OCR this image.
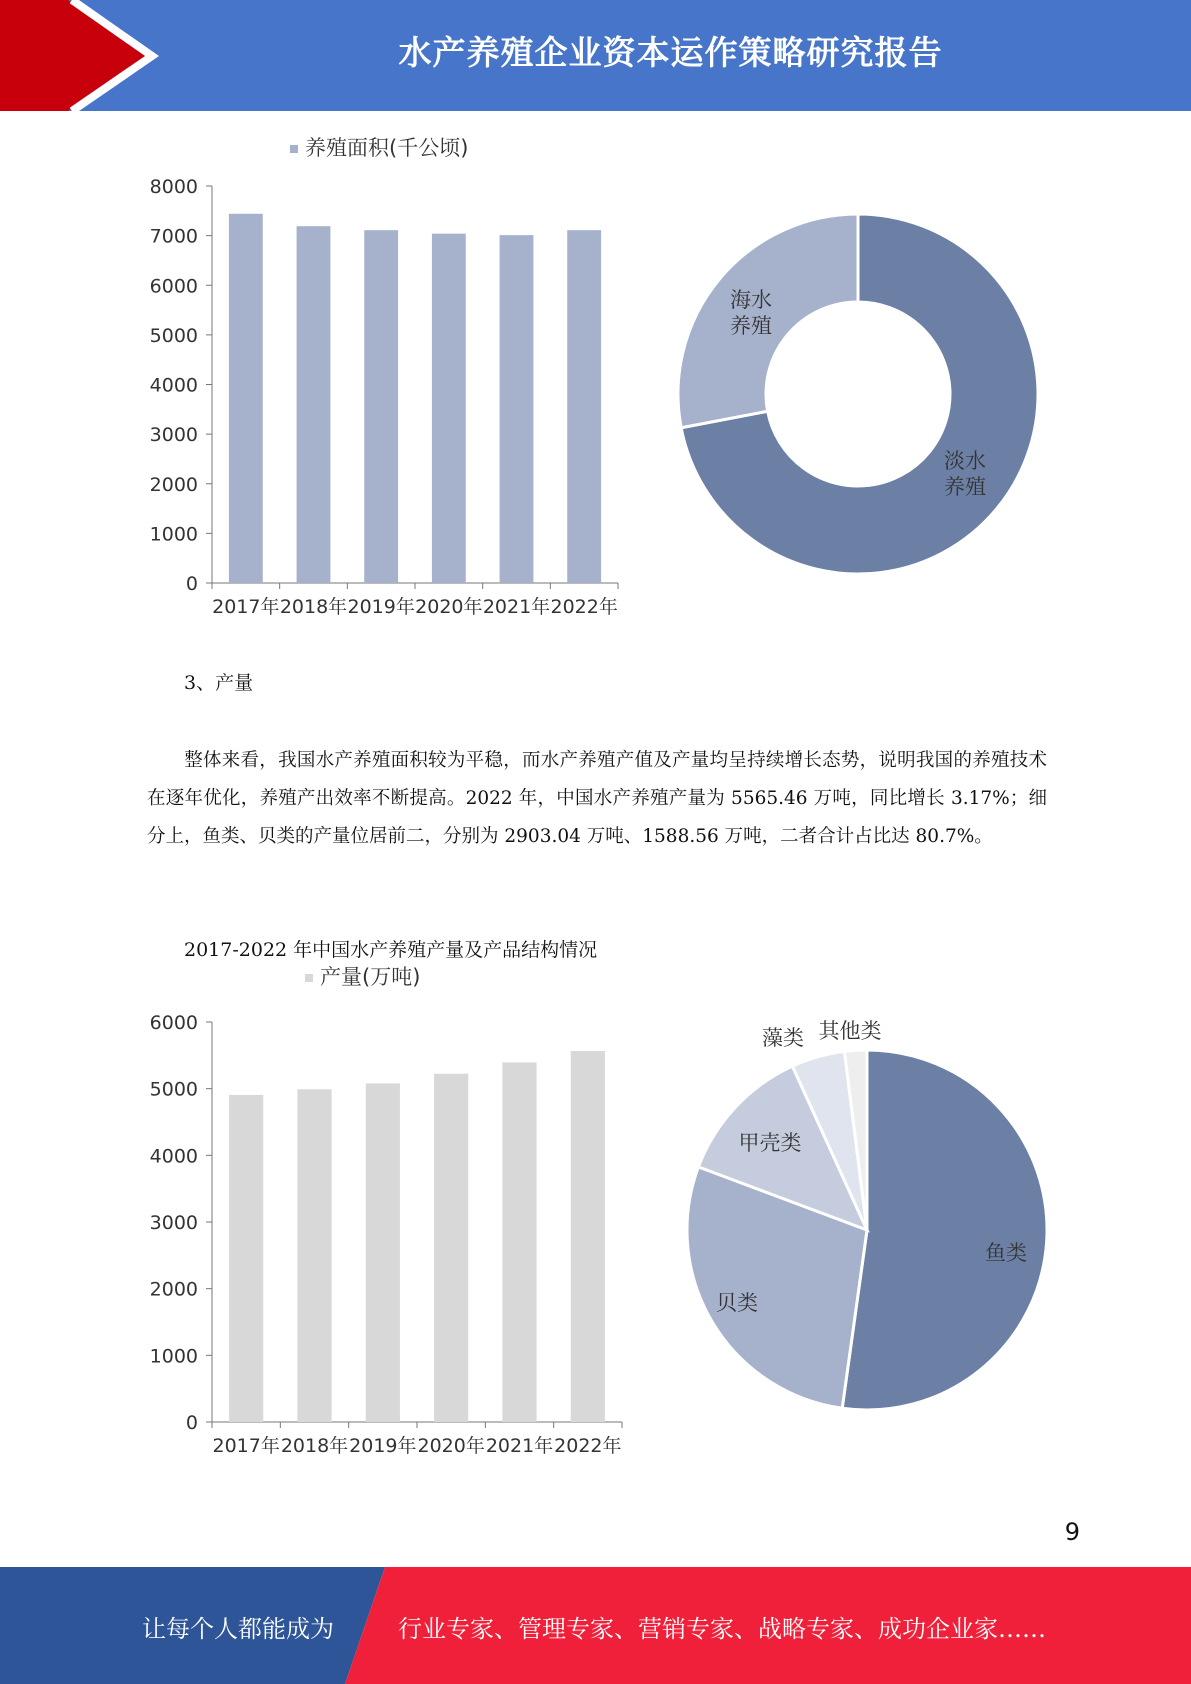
水产养殖企业资本运作策略研究报告
养殖面积(千公顷)
0
1000
2000
3000
4000
5000
6000
7000
8000
2017年 2018年 2019年 2020年 2021年 2022年
淡水
养殖
海水
养殖
3、产量
整体来看，我国水产养殖面积较为平稳，而水产养殖产值及产量均呈持续增长态势，说明我国的养殖技术在逐年优化，养殖产出效率不断提高。2022 年，中国水产养殖产量为 5565.46 万吨，同比增长 3.17%；细分上，鱼类、贝类的产量位居前二，分别为 2903.04 万吨、1588.56 万吨，二者合计占比达 80.7%。
2017-2022 年中国水产养殖产量及产品结构情况
产量(万吨)
0
1000
2000
3000
4000
5000
6000
2017年 2018年 2019年 2020年 2021年 2022年
鱼类
贝类
甲壳类
藻类 其他类
9
让每个人都能成为	行业专家、管理专家、营销专家、战略专家、成功企业家……
